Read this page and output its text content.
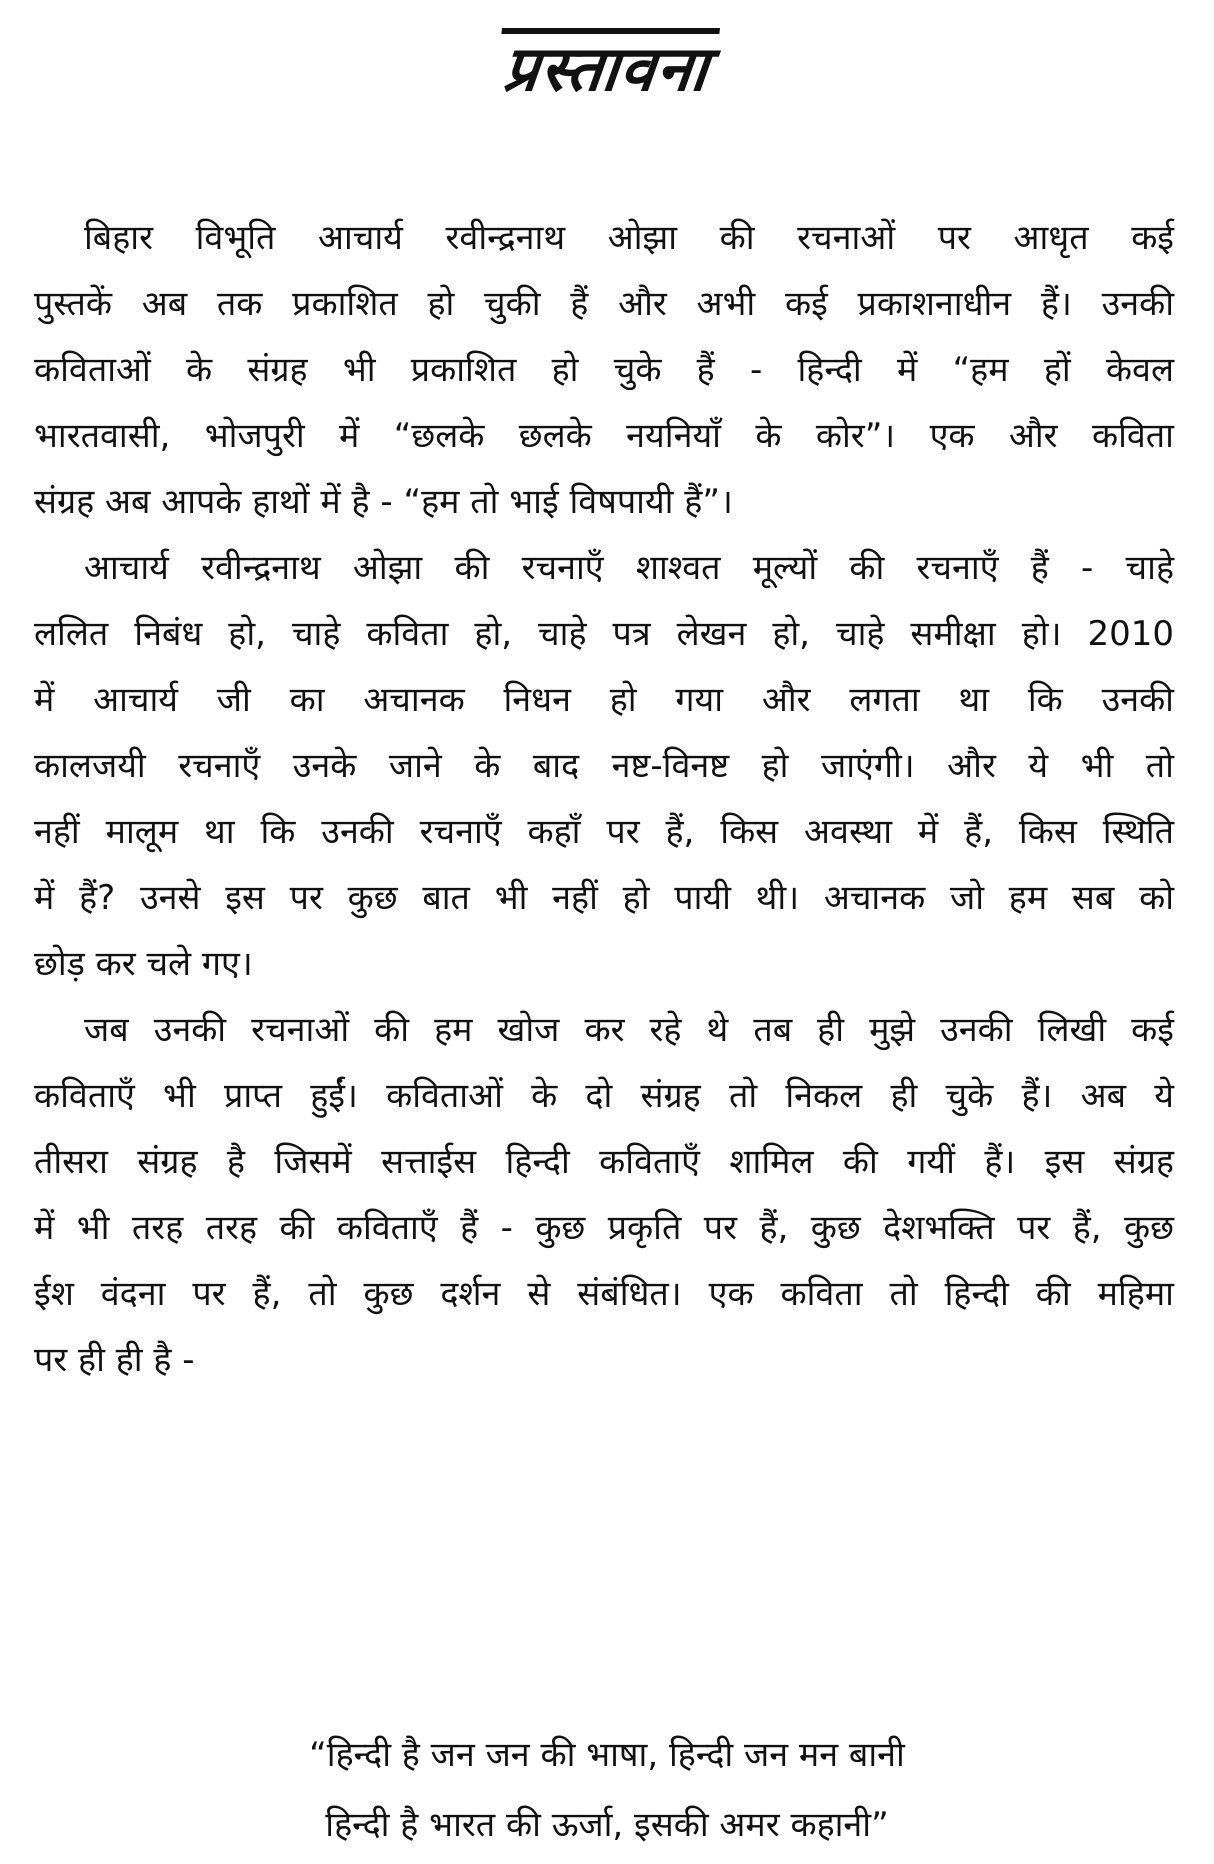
प्रस्तावना
बिहार विभूति आचार्य रवीन्द्रनाथ ओझा की रचनाओं पर आधृत कई
पुस्तकें अब तक प्रकाशित हो चुकी हैं और अभी कई प्रकाशनाधीन हैं। उनकी
कविताओं के संग्रह भी प्रकाशित हो चुके हैं - हिन्दी में “हम हों केवल
भारतवासी, भोजपुरी में “छलके छलके नयनियाँ के कोर”। एक और कविता
संग्रह अब आपके हाथों में है - “हम तो भाई विषपायी हैं”।
आचार्य रवीन्द्रनाथ ओझा की रचनाएँ शाश्वत मूल्यों की रचनाएँ हैं - चाहे
ललित निबंध हो, चाहे कविता हो, चाहे पत्र लेखन हो, चाहे समीक्षा हो। 2010
में आचार्य जी का अचानक निधन हो गया और लगता था कि उनकी
कालजयी रचनाएँ उनके जाने के बाद नष्ट-विनष्ट हो जाएंगी। और ये भी तो
नहीं मालूम था कि उनकी रचनाएँ कहाँ पर हैं, किस अवस्था में हैं, किस स्थिति
में हैं? उनसे इस पर कुछ बात भी नहीं हो पायी थी। अचानक जो हम सब को
छोड़ कर चले गए।
जब उनकी रचनाओं की हम खोज कर रहे थे तब ही मुझे उनकी लिखी कई
कविताएँ भी प्राप्त हुईं। कविताओं के दो संग्रह तो निकल ही चुके हैं। अब ये
तीसरा संग्रह है जिसमें सत्ताईस हिन्दी कविताएँ शामिल की गयीं हैं। इस संग्रह
में भी तरह तरह की कविताएँ हैं - कुछ प्रकृति पर हैं, कुछ देशभक्ति पर हैं, कुछ
ईश वंदना पर हैं, तो कुछ दर्शन से संबंधित। एक कविता तो हिन्दी की महिमा
पर ही ही है -
“हिन्दी है जन जन की भाषा, हिन्दी जन मन बानी
हिन्दी है भारत की ऊर्जा, इसकी अमर कहानी”
